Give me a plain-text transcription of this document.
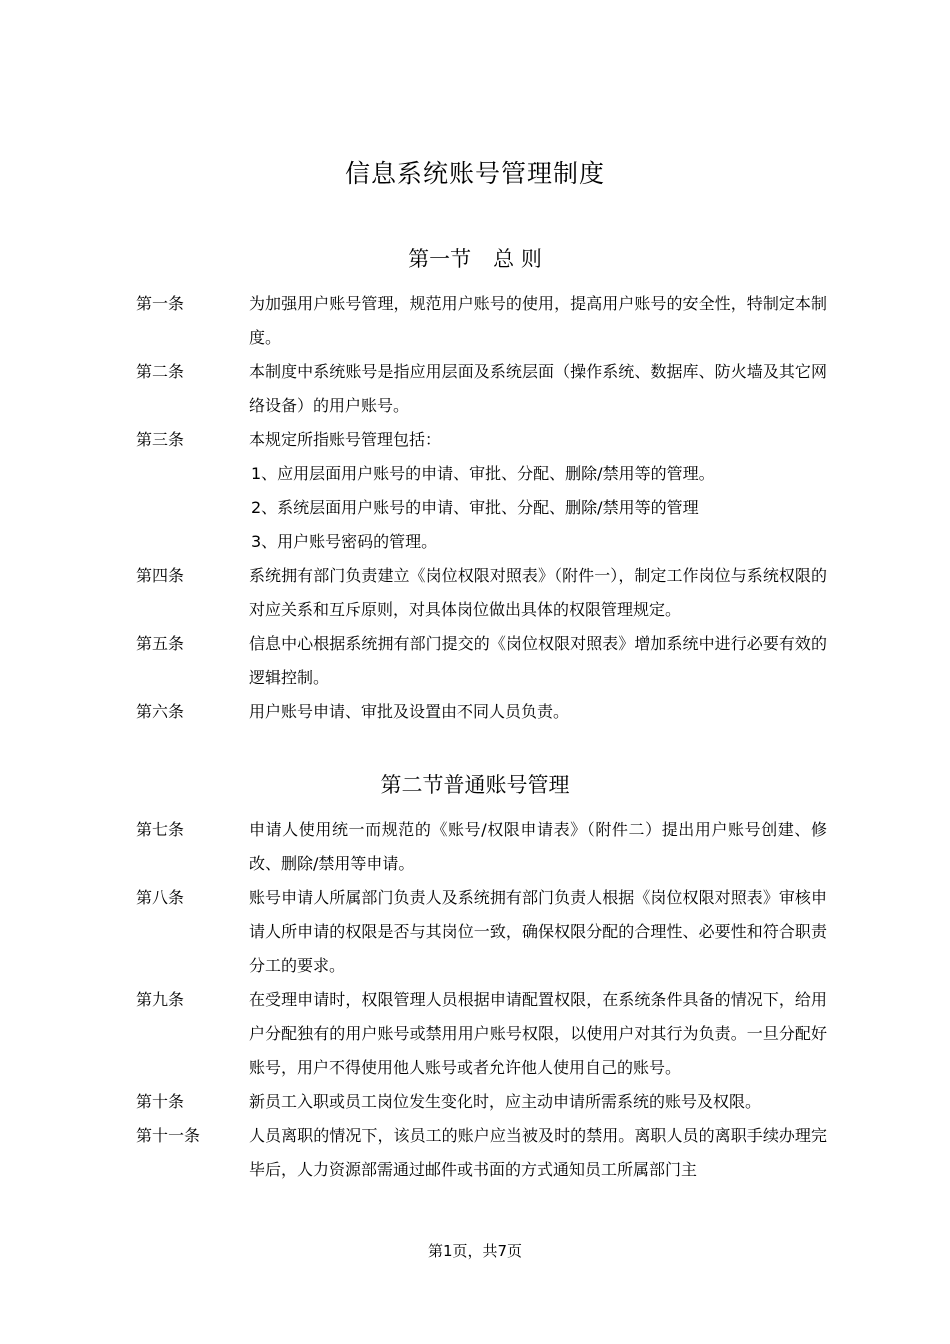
信息系统账号管理制度
第一节 总 则
第一条	为加强用户账号管理，规范用户账号的使用，提高用户账号的安全性，特制定本制度。

第二条	本制度中系统账号是指应用层面及系统层面（操作系统、数据库、防火墙及其它网络设备）的用户账号。

第三条	本规定所指账号管理包括：

1、应用层面用户账号的申请、审批、分配、删除/禁用等的管理。

2、系统层面用户账号的申请、审批、分配、删除/禁用等的管理

3、用户账号密码的管理。

第四条	系统拥有部门负责建立《岗位权限对照表》（附件一），制定工作岗位与系统权限的对应关系和互斥原则，对具体岗位做出具体的权限管理规定。

第五条	信息中心根据系统拥有部门提交的《岗位权限对照表》增加系统中进行必要有效的逻辑控制。

第六条	用户账号申请、审批及设置由不同人员负责。

第二节普通账号管理
第七条	申请人使用统一而规范的《账号/权限申请表》（附件二）提出用户账号创建、修改、删除/禁用等申请。

第八条	账号申请人所属部门负责人及系统拥有部门负责人根据《岗位权限对照表》审核申请人所申请的权限是否与其岗位一致，确保权限分配的合理性、必要性和符合职责分工的要求。

第九条	在受理申请时，权限管理人员根据申请配置权限，在系统条件具备的情况下，给用户分配独有的用户账号或禁用用户账号权限，以使用户对其行为负责。一旦分配好账号，用户不得使用他人账号或者允许他人使用自己的账号。

第十条	新员工入职或员工岗位发生变化时，应主动申请所需系统的账号及权限。

第十一条	人员离职的情况下，该员工的账户应当被及时的禁用。离职人员的离职手续办理完毕后，人力资源部需通过邮件或书面的方式通知员工所属部门主

第1页，共7页
